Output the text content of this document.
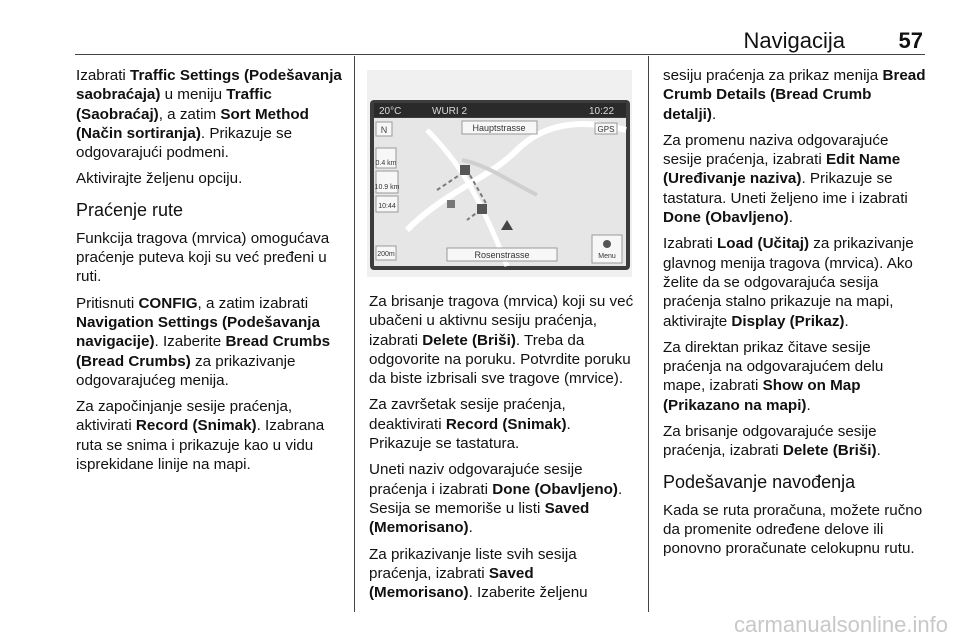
Navigacija 57

Izabrati Traffic Settings (Podešavanja saobraćaja) u meniju Traffic (Saobraćaj), a zatim Sort Method (Način sortiranja). Prikazuje se odgovarajući podmeni.

Aktivirajte željenu opciju.

Praćenje rute

Funkcija tragova (mrvica) omogućava praćenje puteva koji su već pređeni u ruti.

Pritisnuti CONFIG, a zatim izabrati Navigation Settings (Podešavanja navigacije). Izaberite Bread Crumbs (Bread Crumbs) za prikazivanje odgovarajućeg menija.

Za započinjanje sesije praćenja, aktivirati Record (Snimak). Izabrana ruta se snima i prikazuje kao u vidu isprekidane linije na mapi.

20°C	WURI 2	10:22
Hauptstrasse	GPS
N
0.4 km
10.9 km
10:44
200m	Rosenstrasse	Menu

Za brisanje tragova (mrvica) koji su već ubačeni u aktivnu sesiju praćenja, izabrati Delete (Briši). Treba da odgovorite na poruku. Potvrdite poruku da biste izbrisali sve tragove (mrvice).

Za završetak sesije praćenja, deaktivirati Record (Snimak). Prikazuje se tastatura.

Uneti naziv odgovarajuće sesije praćenja i izabrati Done (Obavljeno). Sesija se memoriše u listi Saved (Memorisano).

Za prikazivanje liste svih sesija praćenja, izabrati Saved (Memorisano). Izaberite željenu

sesiju praćenja za prikaz menija Bread Crumb Details (Bread Crumb detalji).

Za promenu naziva odgovarajuće sesije praćenja, izabrati Edit Name (Uređivanje naziva). Prikazuje se tastatura. Uneti željeno ime i izabrati Done (Obavljeno).

Izabrati Load (Učitaj) za prikazivanje glavnog menija tragova (mrvica). Ako želite da se odgovarajuća sesija praćenja stalno prikazuje na mapi, aktivirajte Display (Prikaz).

Za direktan prikaz čitave sesije praćenja na odgovarajućem delu mape, izabrati Show on Map (Prikazano na mapi).

Za brisanje odgovarajuće sesije praćenja, izabrati Delete (Briši).

Podešavanje navođenja

Kada se ruta proračuna, možete ručno da promenite određene delove ili ponovno proračunate celokupnu rutu.

carmanualsonline.info
